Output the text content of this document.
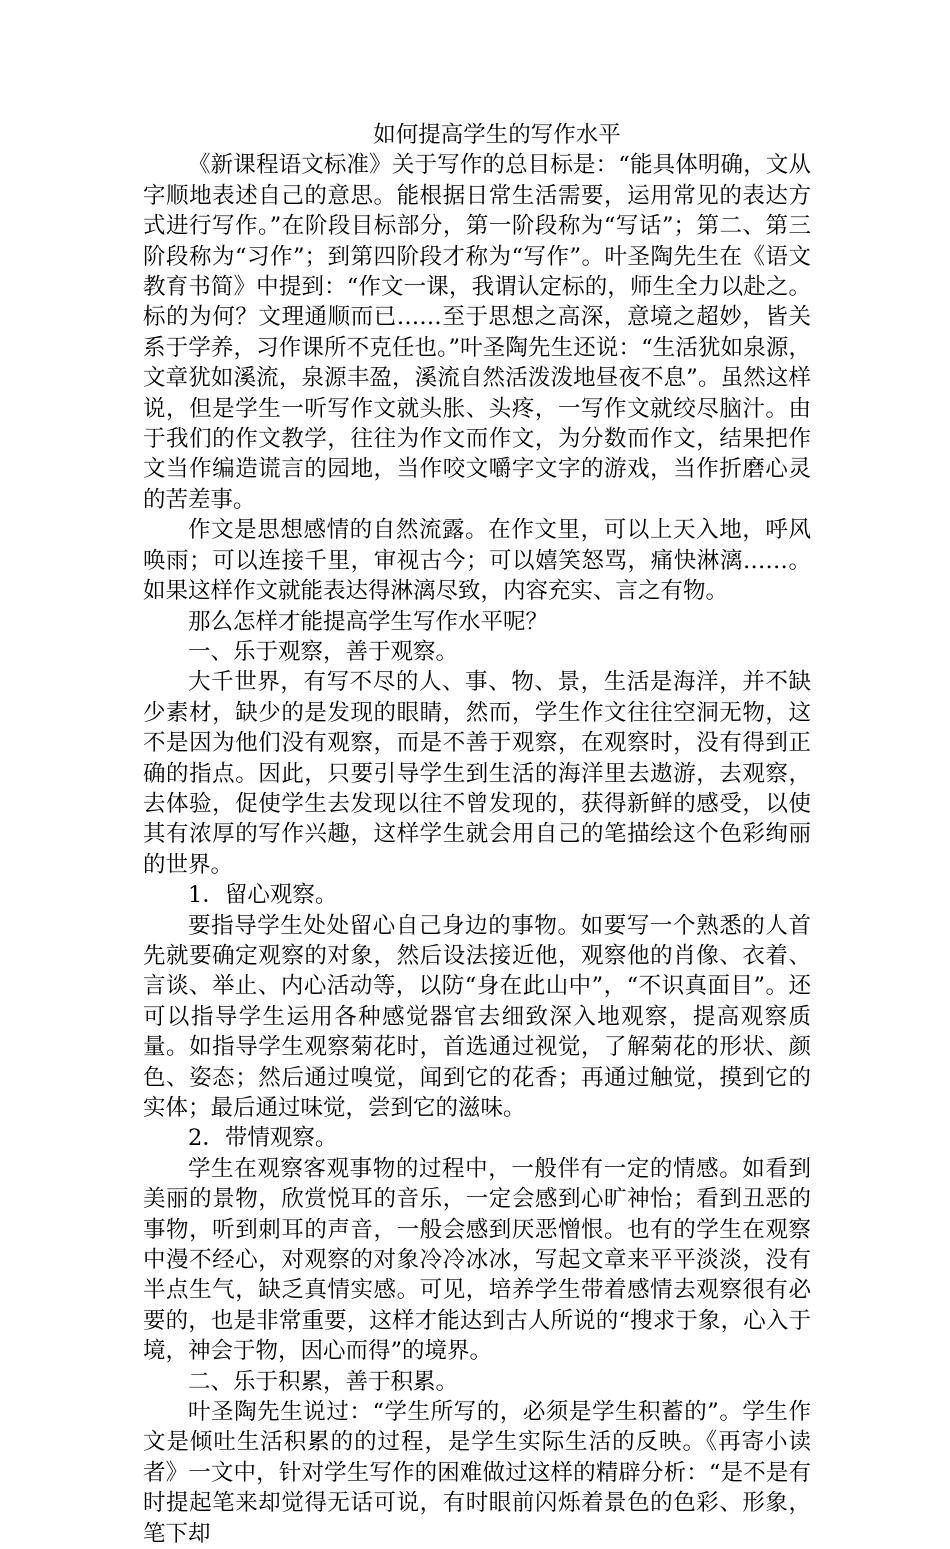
如何提高学生的写作水平

《新课程语文标准》关于写作的总目标是：“能具体明确，文从字顺地表述自己的意思。能根据日常生活需要，运用常见的表达方式进行写作。”在阶段目标部分，第一阶段称为“写话”；第二、第三阶段称为“习作”；到第四阶段才称为“写作”。叶圣陶先生在《语文教育书简》中提到：“作文一课，我谓认定标的，师生全力以赴之。标的为何？文理通顺而已……至于思想之高深，意境之超妙，皆关系于学养，习作课所不克任也。”叶圣陶先生还说：“生活犹如泉源，文章犹如溪流，泉源丰盈，溪流自然活泼泼地昼夜不息”。虽然这样说，但是学生一听写作文就头胀、头疼，一写作文就绞尽脑汁。由于我们的作文教学，往往为作文而作文，为分数而作文，结果把作文当作编造谎言的园地，当作咬文嚼字文字的游戏，当作折磨心灵的苦差事。

作文是思想感情的自然流露。在作文里，可以上天入地，呼风唤雨；可以连接千里，审视古今；可以嬉笑怒骂，痛快淋漓……。如果这样作文就能表达得淋漓尽致，内容充实、言之有物。

那么怎样才能提高学生写作水平呢？

一、乐于观察，善于观察。

大千世界，有写不尽的人、事、物、景，生活是海洋，并不缺少素材，缺少的是发现的眼睛，然而，学生作文往往空洞无物，这不是因为他们没有观察，而是不善于观察，在观察时，没有得到正确的指点。因此，只要引导学生到生活的海洋里去遨游，去观察，去体验，促使学生去发现以往不曾发现的，获得新鲜的感受，以使其有浓厚的写作兴趣，这样学生就会用自己的笔描绘这个色彩绚丽的世界。

1．留心观察。

要指导学生处处留心自己身边的事物。如要写一个熟悉的人首先就要确定观察的对象，然后设法接近他，观察他的肖像、衣着、言谈、举止、内心活动等，以防“身在此山中”，“不识真面目”。还可以指导学生运用各种感觉器官去细致深入地观察，提高观察质量。如指导学生观察菊花时，首选通过视觉，了解菊花的形状、颜色、姿态；然后通过嗅觉，闻到它的花香；再通过触觉，摸到它的实体；最后通过味觉，尝到它的滋味。

2．带情观察。

学生在观察客观事物的过程中，一般伴有一定的情感。如看到美丽的景物，欣赏悦耳的音乐，一定会感到心旷神怡；看到丑恶的事物，听到刺耳的声音，一般会感到厌恶憎恨。也有的学生在观察中漫不经心，对观察的对象冷冷冰冰，写起文章来平平淡淡，没有半点生气，缺乏真情实感。可见，培养学生带着感情去观察很有必要的，也是非常重要，这样才能达到古人所说的“搜求于象，心入于境，神会于物，因心而得”的境界。

二、乐于积累，善于积累。

叶圣陶先生说过：“学生所写的，必须是学生积蓄的”。学生作文是倾吐生活积累的的过程，是学生实际生活的反映。《再寄小读者》一文中，针对学生写作的困难做过这样的精辟分析：“是不是有时提起笔来却觉得无话可说，有时眼前闪烁着景色的色彩、形象，笔下却
